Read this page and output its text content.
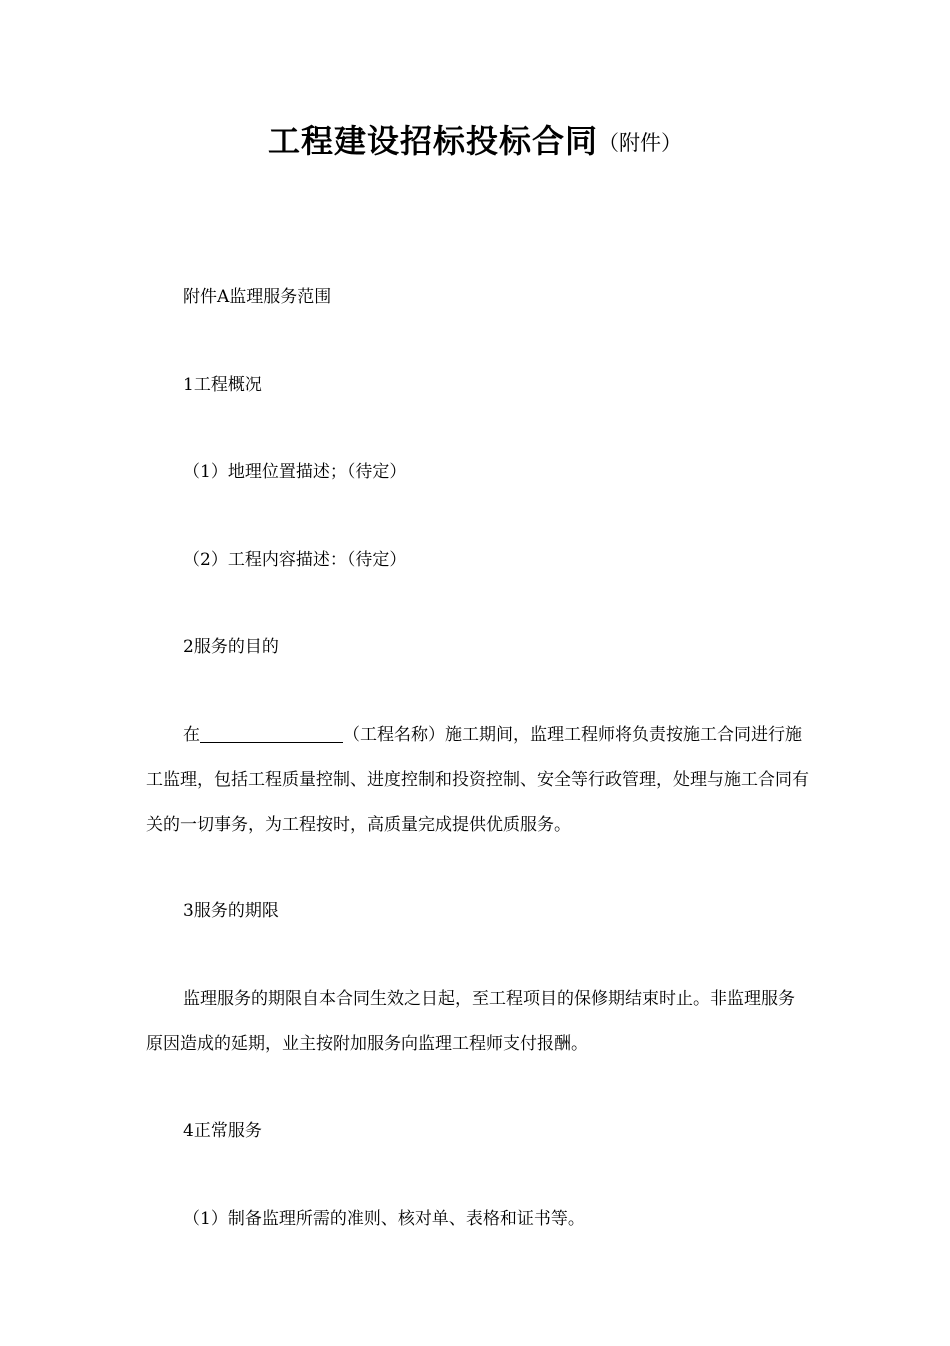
工程建设招标投标合同（附件）
附件A监理服务范围
1工程概况
（1）地理位置描述；（待定）
（2）工程内容描述：（待定）
2服务的目的
在	（工程名称）施工期间，监理工程师将负责按施工合同进行施工监理，包括工程质量控制、进度控制和投资控制、安全等行政管理，处理与施工合同有关的一切事务，为工程按时，高质量完成提供优质服务。
3服务的期限
监理服务的期限自本合同生效之日起，至工程项目的保修期结束时止。非监理服务原因造成的延期，业主按附加服务向监理工程师支付报酬。
4正常服务
（1）制备监理所需的准则、核对单、表格和证书等。
